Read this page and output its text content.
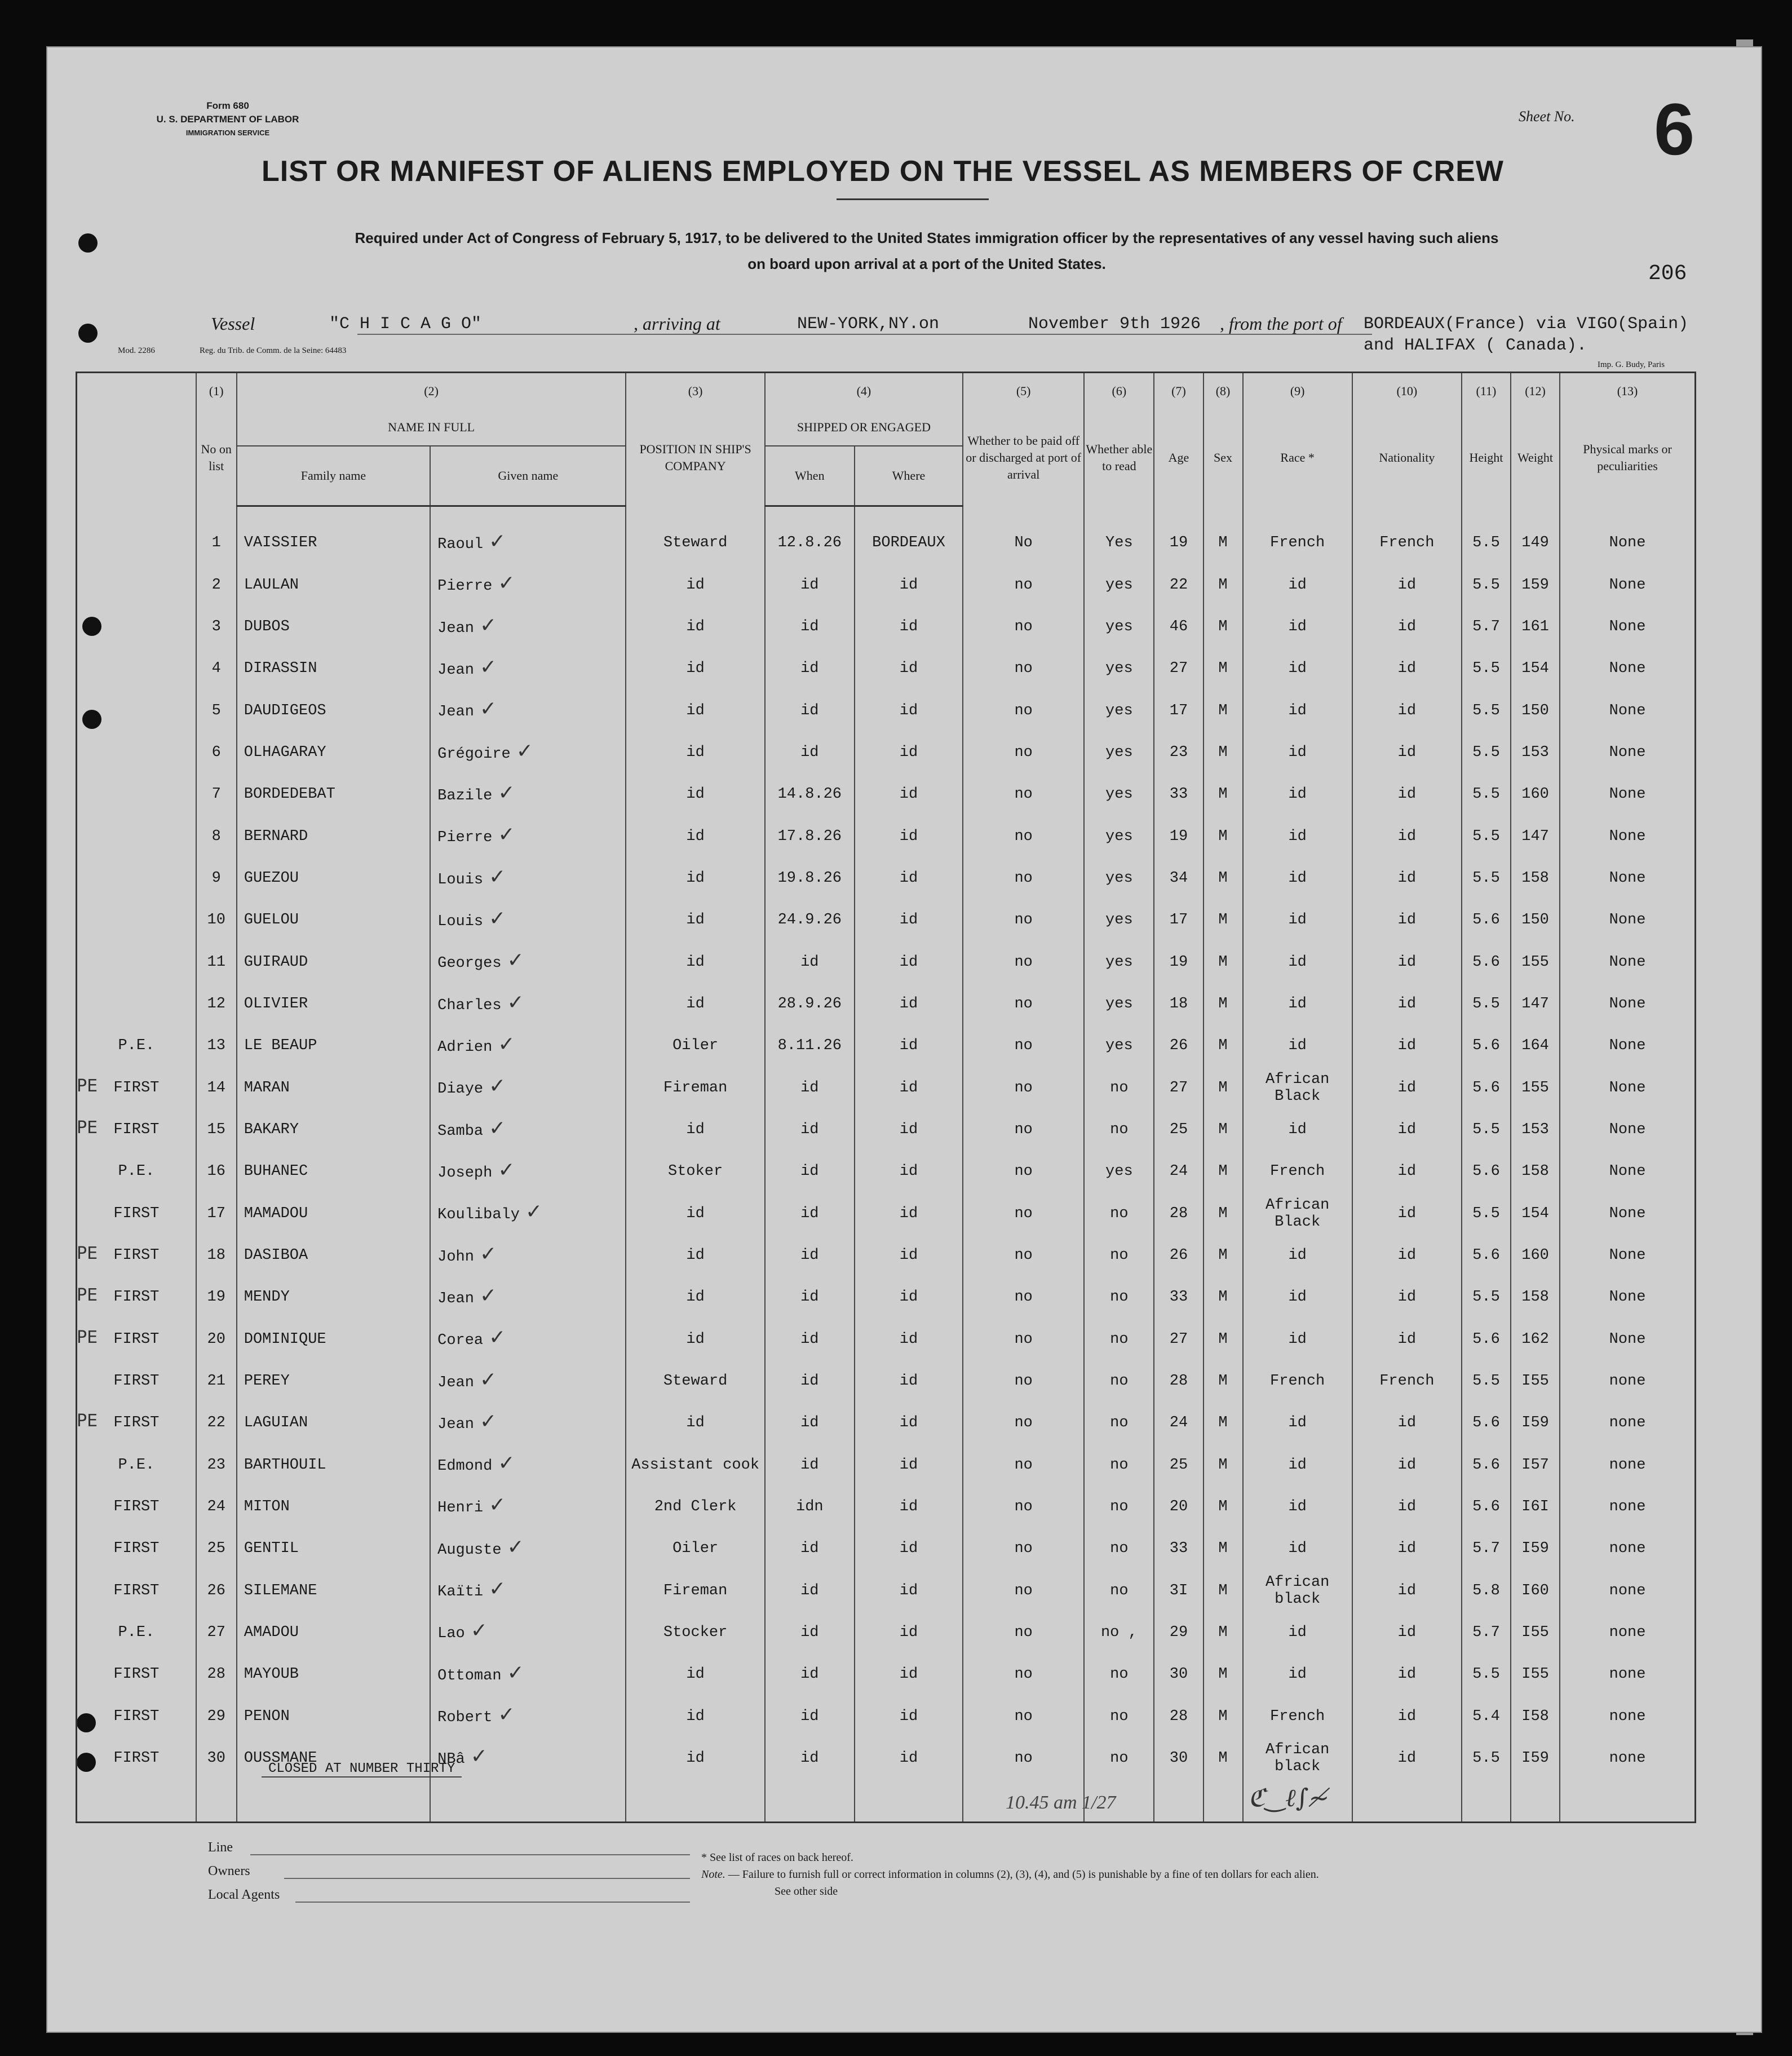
Form 680
U. S. DEPARTMENT OF LABOR
IMMIGRATION SERVICE
Sheet No. 6
LIST OR MANIFEST OF ALIENS EMPLOYED ON THE VESSEL AS MEMBERS OF CREW
Required under Act of Congress of February 5, 1917, to be delivered to the United States immigration officer by the representatives of any vessel having such aliens
on board upon arrival at a port of the United States.	206
Vessel	"C H I C A G O"	, arriving at	NEW-YORK,NY.on	November 9th 1926 , from the port of BORDEAUX(France) via VIGO(Spain)
and HALIFAX ( Canada).
Mod. 2286	Reg. du Trib. de Comm. de la Seine: 64483
Imp. G. Budy, Paris
	(1)	(2)		(3)	(4)		(5)	(6)	(7)	(8)	(9)	(10)	(11)	(12)	(13)
	No on list	NAME IN FULL		POSITION IN SHIP'S COMPANY	SHIPPED OR ENGAGED		Whether to be paid off or discharged at port of arrival	Whether able to read	Age	Sex	Race *	Nationality	Height	Weight	Physical marks or peculiarities
		Family name	Given name		When	Where									

	1	VAISSIER	Raoul ✓	Steward	12.8.26	BORDEAUX	No	Yes	19	M	French	French	5.5	149	None
	2	LAULAN	Pierre ✓	id	id	id	no	yes	22	M	id	id	5.5	159	None
	3	DUBOS	Jean ✓	id	id	id	no	yes	46	M	id	id	5.7	161	None
	4	DIRASSIN	Jean ✓	id	id	id	no	yes	27	M	id	id	5.5	154	None
	5	DAUDIGEOS	Jean ✓	id	id	id	no	yes	17	M	id	id	5.5	150	None
	6	OLHAGARAY	Grégoire ✓	id	id	id	no	yes	23	M	id	id	5.5	153	None
	7	BORDEDEBAT	Bazile ✓	id	14.8.26	id	no	yes	33	M	id	id	5.5	160	None
	8	BERNARD	Pierre ✓	id	17.8.26	id	no	yes	19	M	id	id	5.5	147	None
	9	GUEZOU	Louis ✓	id	19.8.26	id	no	yes	34	M	id	id	5.5	158	None
	10	GUELOU	Louis ✓	id	24.9.26	id	no	yes	17	M	id	id	5.6	150	None
	11	GUIRAUD	Georges ✓	id	id	id	no	yes	19	M	id	id	5.6	155	None
	12	OLIVIER	Charles ✓	id	28.9.26	id	no	yes	18	M	id	id	5.5	147	None
P.E.	13	LE BEAUP	Adrien ✓	Oiler	8.11.26	id	no	yes	26	M	id	id	5.6	164	None
FIRST	14	MARAN	Diaye ✓	Fireman	id	id	no	no	27	M	African Black	id	5.6	155	None
FIRST	15	BAKARY	Samba ✓	id	id	id	no	no	25	M	id	id	5.5	153	None
P.E.	16	BUHANEC	Joseph ✓	Stoker	id	id	no	yes	24	M	French	id	5.6	158	None
FIRST	17	MAMADOU	Koulibaly ✓	id	id	id	no	no	28	M	African Black	id	5.5	154	None
FIRST	18	DASIBOA	John ✓	id	id	id	no	no	26	M	id	id	5.6	160	None
FIRST	19	MENDY	Jean ✓	id	id	id	no	no	33	M	id	id	5.5	158	None
FIRST	20	DOMINIQUE	Corea ✓	id	id	id	no	no	27	M	id	id	5.6	162	None
FIRST	21	PEREY	Jean ✓	Steward	id	id	no	no	28	M	French	French	5.5	I55	none
FIRST	22	LAGUIAN	Jean ✓	id	id	id	no	no	24	M	id	id	5.6	I59	none
P.E.	23	BARTHOUIL	Edmond ✓	Assistant cook	id	id	no	no	25	M	id	id	5.6	I57	none
FIRST	24	MITON	Henri ✓	2nd Clerk	idn	id	no	no	20	M	id	id	5.6	I6I	none
FIRST	25	GENTIL	Auguste ✓	Oiler	id	id	no	no	33	M	id	id	5.7	I59	none
FIRST	26	SILEMANE	Kaïti ✓	Fireman	id	id	no	no	3I	M	African black	id	5.8	I60	none
P.E.	27	AMADOU	Lao ✓	Stocker	id	id	no	no ,	29	M	id	id	5.7	I55	none
FIRST	28	MAYOUB	Ottoman ✓	id	id	id	no	no	30	M	id	id	5.5	I55	none
FIRST	29	PENON	Robert ✓	id	id	id	no	no	28	M	French	id	5.4	I58	none
FIRST	30	OUSSMANE	NBâ ✓	id	id	id	no	no	30	M	African black	id	5.5	I59	none

CLOSED AT NUMBER THIRTY
10.45 am 1/27	ℭ‿ℓ∫≁
Line
Owners
Local Agents
* See list of races on back hereof.
Note. — Failure to furnish full or correct information in columns (2), (3), (4), and (5) is punishable by a fine of ten dollars for each alien.
See other side
PE
PE
PE
PE
PE
PE
